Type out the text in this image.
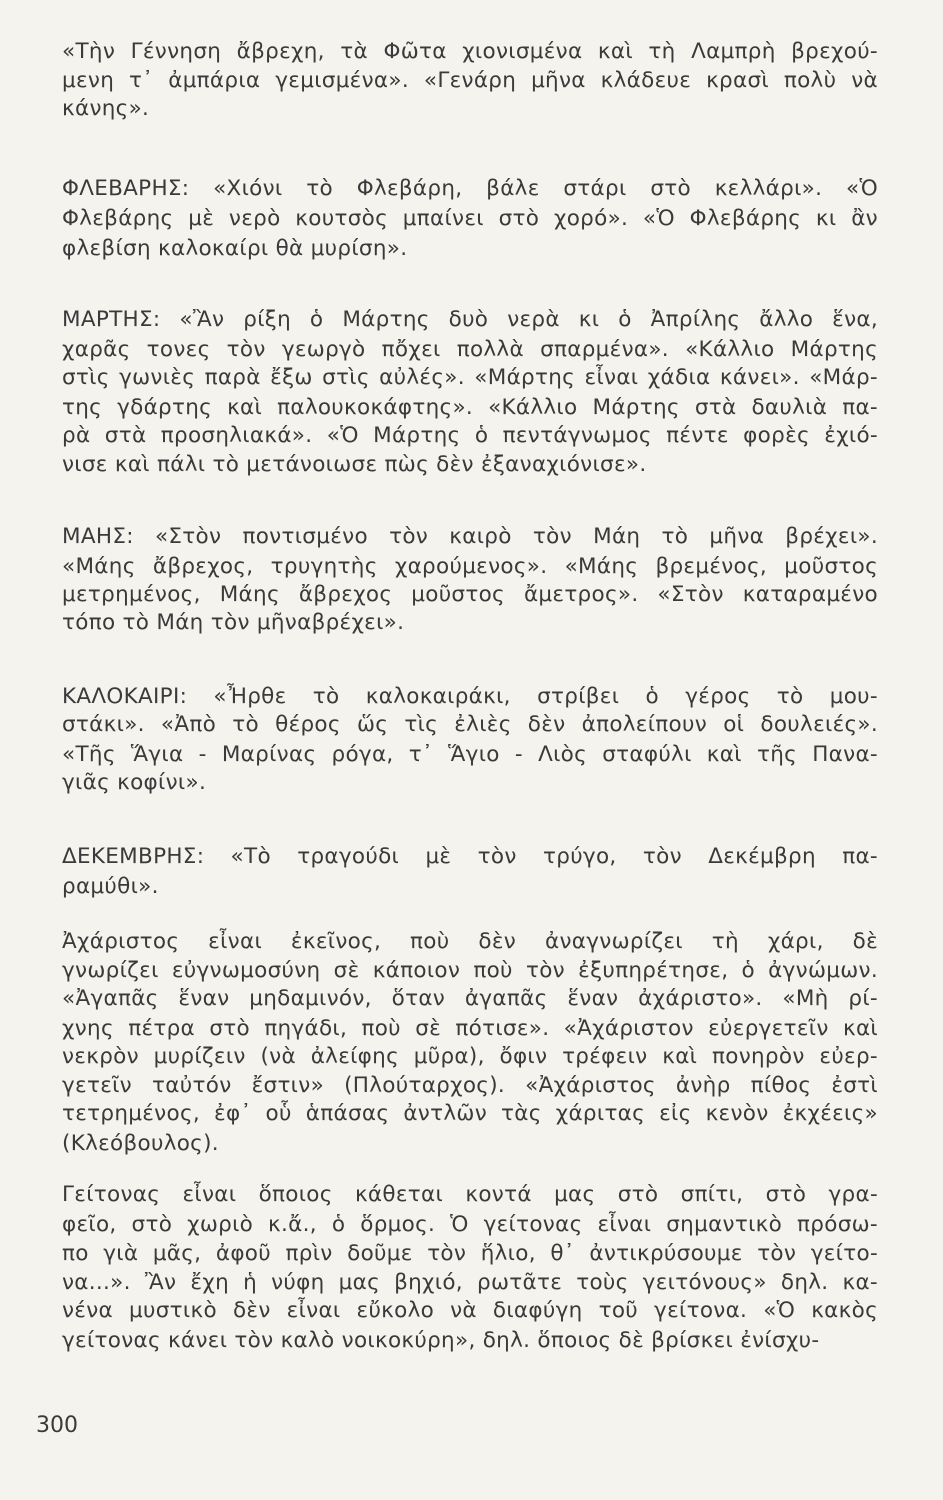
«Τὴν Γέννηση ἄβρεχη, τὰ Φῶτα χιονισμένα καὶ τὴ Λαμπρὴ βρεχού-
μενη τ᾽ ἀμπάρια γεμισμένα». «Γενάρη μῆνα κλάδευε κρασὶ πολὺ νὰ
κάνης».
ΦΛΕΒΑΡΗΣ: «Χιόνι τὸ Φλεβάρη, βάλε στάρι στὸ κελλάρι». «Ὁ
Φλεβάρης μὲ νερὸ κουτσὸς μπαίνει στὸ χορό». «Ὁ Φλεβάρης κι ἂν
φλεβίση καλοκαίρι θὰ μυρίση».
ΜΑΡΤΗΣ: «Ἂν ρίξη ὁ Μάρτης δυὸ νερὰ κι ὁ Ἀπρίλης ἄλλο ἕνα,
χαρᾶς τονες τὸν γεωργὸ πὄχει πολλὰ σπαρμένα». «Κάλλιο Μάρτης
στὶς γωνιὲς παρὰ ἔξω στὶς αὐλές». «Μάρτης εἶναι χάδια κάνει». «Μάρ-
της γδάρτης καὶ παλουκοκάφτης». «Κάλλιο Μάρτης στὰ δαυλιὰ πα-
ρὰ στὰ προσηλιακά». «Ὁ Μάρτης ὁ πεντάγνωμος πέντε φορὲς ἐχιό-
νισε καὶ πάλι τὸ μετάνοιωσε πὼς δὲν ἐξαναχιόνισε».
ΜΑΗΣ: «Στὸν ποντισμένο τὸν καιρὸ τὸν Μάη τὸ μῆνα βρέχει».
«Μάης ἄβρεχος, τρυγητὴς χαρούμενος». «Μάης βρεμένος, μοῦστος
μετρημένος, Μάης ἄβρεχος μοῦστος ἄμετρος». «Στὸν καταραμένο
τόπο τὸ Μάη τὸν μῆναβρέχει».
ΚΑΛΟΚΑΙΡΙ: «Ἦρθε τὸ καλοκαιράκι, στρίβει ὁ γέρος τὸ μου-
στάκι». «Ἀπὸ τὸ θέρος ὥς τὶς ἐλιὲς δὲν ἀπολείπουν οἱ δουλειές».
«Τῆς Ἅγια - Μαρίνας ρόγα, τ᾽ Ἅγιο - Λιὸς σταφύλι καὶ τῆς Πανα-
γιᾶς κοφίνι».
ΔΕΚΕΜΒΡΗΣ: «Τὸ τραγούδι μὲ τὸν τρύγο, τὸν Δεκέμβρη πα-
ραμύθι».
Ἀχάριστος εἶναι ἐκεῖνος, ποὺ δὲν ἀναγνωρίζει τὴ χάρι, δὲ
γνωρίζει εὐγνωμοσύνη σὲ κάποιον ποὺ τὸν ἐξυπηρέτησε, ὁ ἀγνώμων.
«Ἀγαπᾶς ἕναν μηδαμινόν, ὅταν ἀγαπᾶς ἕναν ἀχάριστο». «Μὴ ρί-
χνης πέτρα στὸ πηγάδι, ποὺ σὲ πότισε». «Ἀχάριστον εὐεργετεῖν καὶ
νεκρὸν μυρίζειν (νὰ ἀλείφης μῦρα), ὄφιν τρέφειν καὶ πονηρὸν εὐερ-
γετεῖν ταὐτόν ἔστιν» (Πλούταρχος). «Ἀχάριστος ἀνὴρ πίθος ἐστὶ
τετρημένος, ἐφ᾽ οὗ ἁπάσας ἀντλῶν τὰς χάριτας εἰς κενὸν ἐκχέεις»
(Κλεόβουλος).
Γείτονας εἶναι ὅποιος κάθεται κοντά μας στὸ σπίτι, στὸ γρα-
φεῖο, στὸ χωριὸ κ.ἄ., ὁ ὅρμος. Ὁ γείτονας εἶναι σημαντικὸ πρόσω-
πο γιὰ μᾶς, ἀφοῦ πρὶν δοῦμε τὸν ἥλιο, θ᾽ ἀντικρύσουμε τὸν γείτο-
να...». Ἂν ἔχη ἡ νύφη μας βηχιό, ρωτᾶτε τοὺς γειτόνους» δηλ. κα-
νένα μυστικὸ δὲν εἶναι εὔκολο νὰ διαφύγη τοῦ γείτονα. «Ὁ κακὸς
γείτονας κάνει τὸν καλὸ νοικοκύρη», δηλ. ὅποιος δὲ βρίσκει ἐνίσχυ-
300
